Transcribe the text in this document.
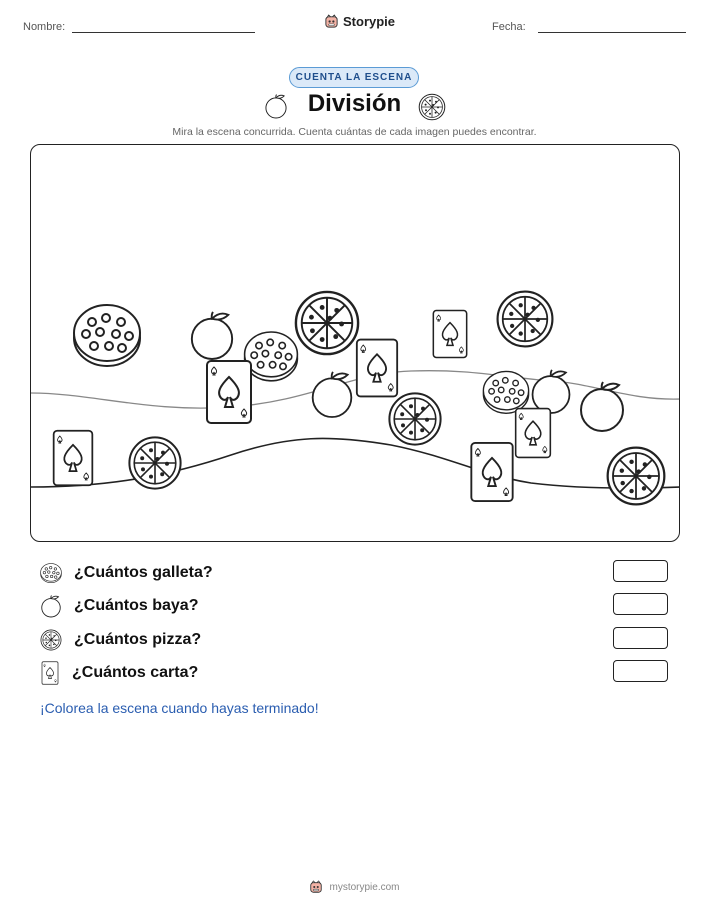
Nombre:	Storypie	Fecha:
CUENTA LA ESCENA
División
Mira la escena concurrida. Cuenta cuántas de cada imagen puedes encontrar.
¿Cuántos galleta?
¿Cuántos baya?
¿Cuántos pizza?
¿Cuántos carta?
¡Colorea la escena cuando hayas terminado!
mystorypie.com
